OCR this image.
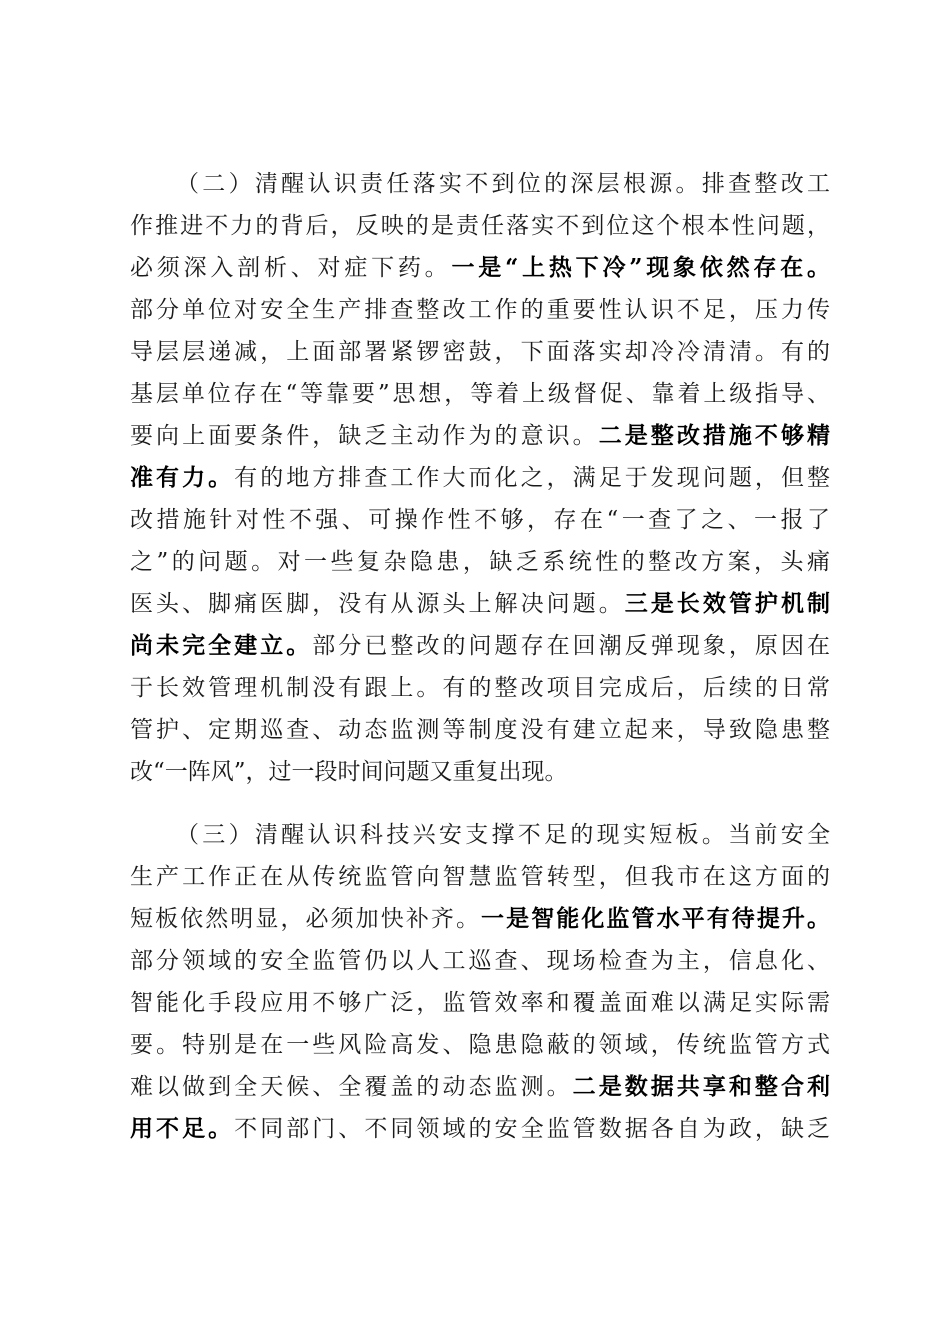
（二）清醒认识责任落实不到位的深层根源。排查整改工
作推进不力的背后，反映的是责任落实不到位这个根本性问题，
必须深入剖析、对症下药。一是“上热下冷”现象依然存在。
部分单位对安全生产排查整改工作的重要性认识不足，压力传
导层层递减，上面部署紧锣密鼓，下面落实却冷冷清清。有的
基层单位存在“等靠要”思想，等着上级督促、靠着上级指导、
要向上面要条件，缺乏主动作为的意识。二是整改措施不够精
准有力。有的地方排查工作大而化之，满足于发现问题，但整
改措施针对性不强、可操作性不够，存在“一查了之、一报了
之”的问题。对一些复杂隐患，缺乏系统性的整改方案，头痛
医头、脚痛医脚，没有从源头上解决问题。三是长效管护机制
尚未完全建立。部分已整改的问题存在回潮反弹现象，原因在
于长效管理机制没有跟上。有的整改项目完成后，后续的日常
管护、定期巡查、动态监测等制度没有建立起来，导致隐患整
改“一阵风”，过一段时间问题又重复出现。
（三）清醒认识科技兴安支撑不足的现实短板。当前安全
生产工作正在从传统监管向智慧监管转型，但我市在这方面的
短板依然明显，必须加快补齐。一是智能化监管水平有待提升。
部分领域的安全监管仍以人工巡查、现场检查为主，信息化、
智能化手段应用不够广泛，监管效率和覆盖面难以满足实际需
要。特别是在一些风险高发、隐患隐蔽的领域，传统监管方式
难以做到全天候、全覆盖的动态监测。二是数据共享和整合利
用不足。不同部门、不同领域的安全监管数据各自为政，缺乏
